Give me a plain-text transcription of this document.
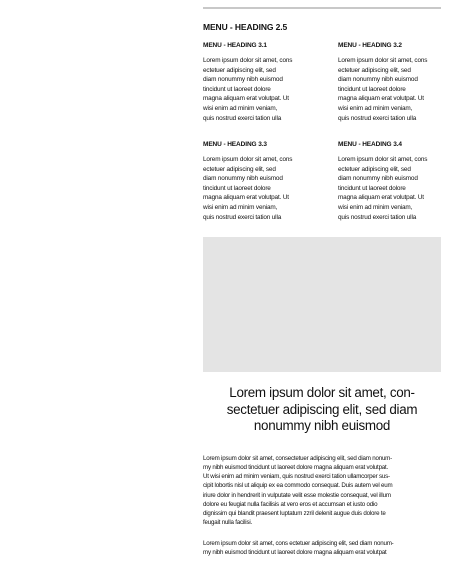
MENU - HEADING 2.5
MENU - HEADING 3.1
Lorem ipsum dolor sit amet, cons
ectetuer adipiscing elit, sed
diam nonummy nibh euismod
tincidunt ut laoreet dolore
magna aliquam erat volutpat. Ut
wisi enim ad minim veniam,
quis nostrud exerci tation ulla
MENU - HEADING 3.2
Lorem ipsum dolor sit amet, cons
ectetuer adipiscing elit, sed
diam nonummy nibh euismod
tincidunt ut laoreet dolore
magna aliquam erat volutpat. Ut
wisi enim ad minim veniam,
quis nostrud exerci tation ulla
MENU - HEADING 3.3
Lorem ipsum dolor sit amet, cons
ectetuer adipiscing elit, sed
diam nonummy nibh euismod
tincidunt ut laoreet dolore
magna aliquam erat volutpat. Ut
wisi enim ad minim veniam,
quis nostrud exerci tation ulla
MENU - HEADING 3.4
Lorem ipsum dolor sit amet, cons
ectetuer adipiscing elit, sed
diam nonummy nibh euismod
tincidunt ut laoreet dolore
magna aliquam erat volutpat. Ut
wisi enim ad minim veniam,
quis nostrud exerci tation ulla
Lorem ipsum dolor sit amet, con-
sectetuer adipiscing elit, sed diam
nonummy nibh euismod
Lorem ipsum dolor sit amet, consectetuer adipiscing elit, sed diam nonum-
my nibh euismod tincidunt ut laoreet dolore magna aliquam erat volutpat.
Ut wisi enim ad minim veniam, quis nostrud exerci tation ullamcorper sus-
cipit lobortis nisl ut aliquip ex ea commodo consequat. Duis autem vel eum
iriure dolor in hendrerit in vulputate velit esse molestie consequat, vel illum
dolore eu feugiat nulla facilisis at vero eros et accumsan et iusto odio
dignissim qui blandit praesent luptatum zzril delenit augue duis dolore te
feugait nulla facilisi.
Lorem ipsum dolor sit amet, cons ectetuer adipiscing elit, sed diam nonum-
my nibh euismod tincidunt ut laoreet dolore magna aliquam erat volutpat
